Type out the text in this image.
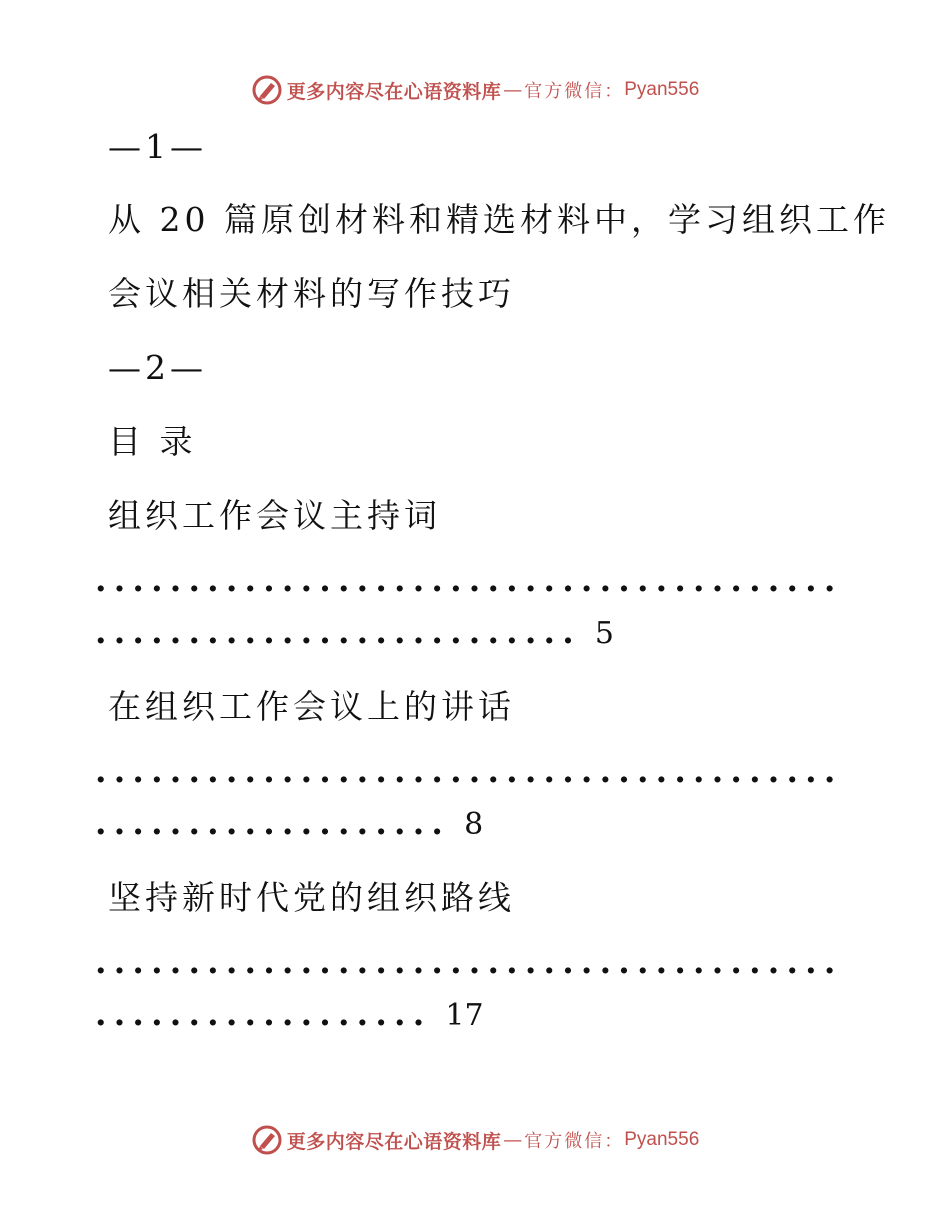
更多内容尽在心语资料库 — 官方微信： Pyan556
—1—
从 20 篇原创材料和精选材料中，学习组织工作
会议相关材料的写作技巧
—2—
目 录
组织工作会议主持词
........................................
.......................... 5
在组织工作会议上的讲话
........................................
................... 8
坚持新时代党的组织路线
........................................
.................. 17
更多内容尽在心语资料库 — 官方微信： Pyan556
